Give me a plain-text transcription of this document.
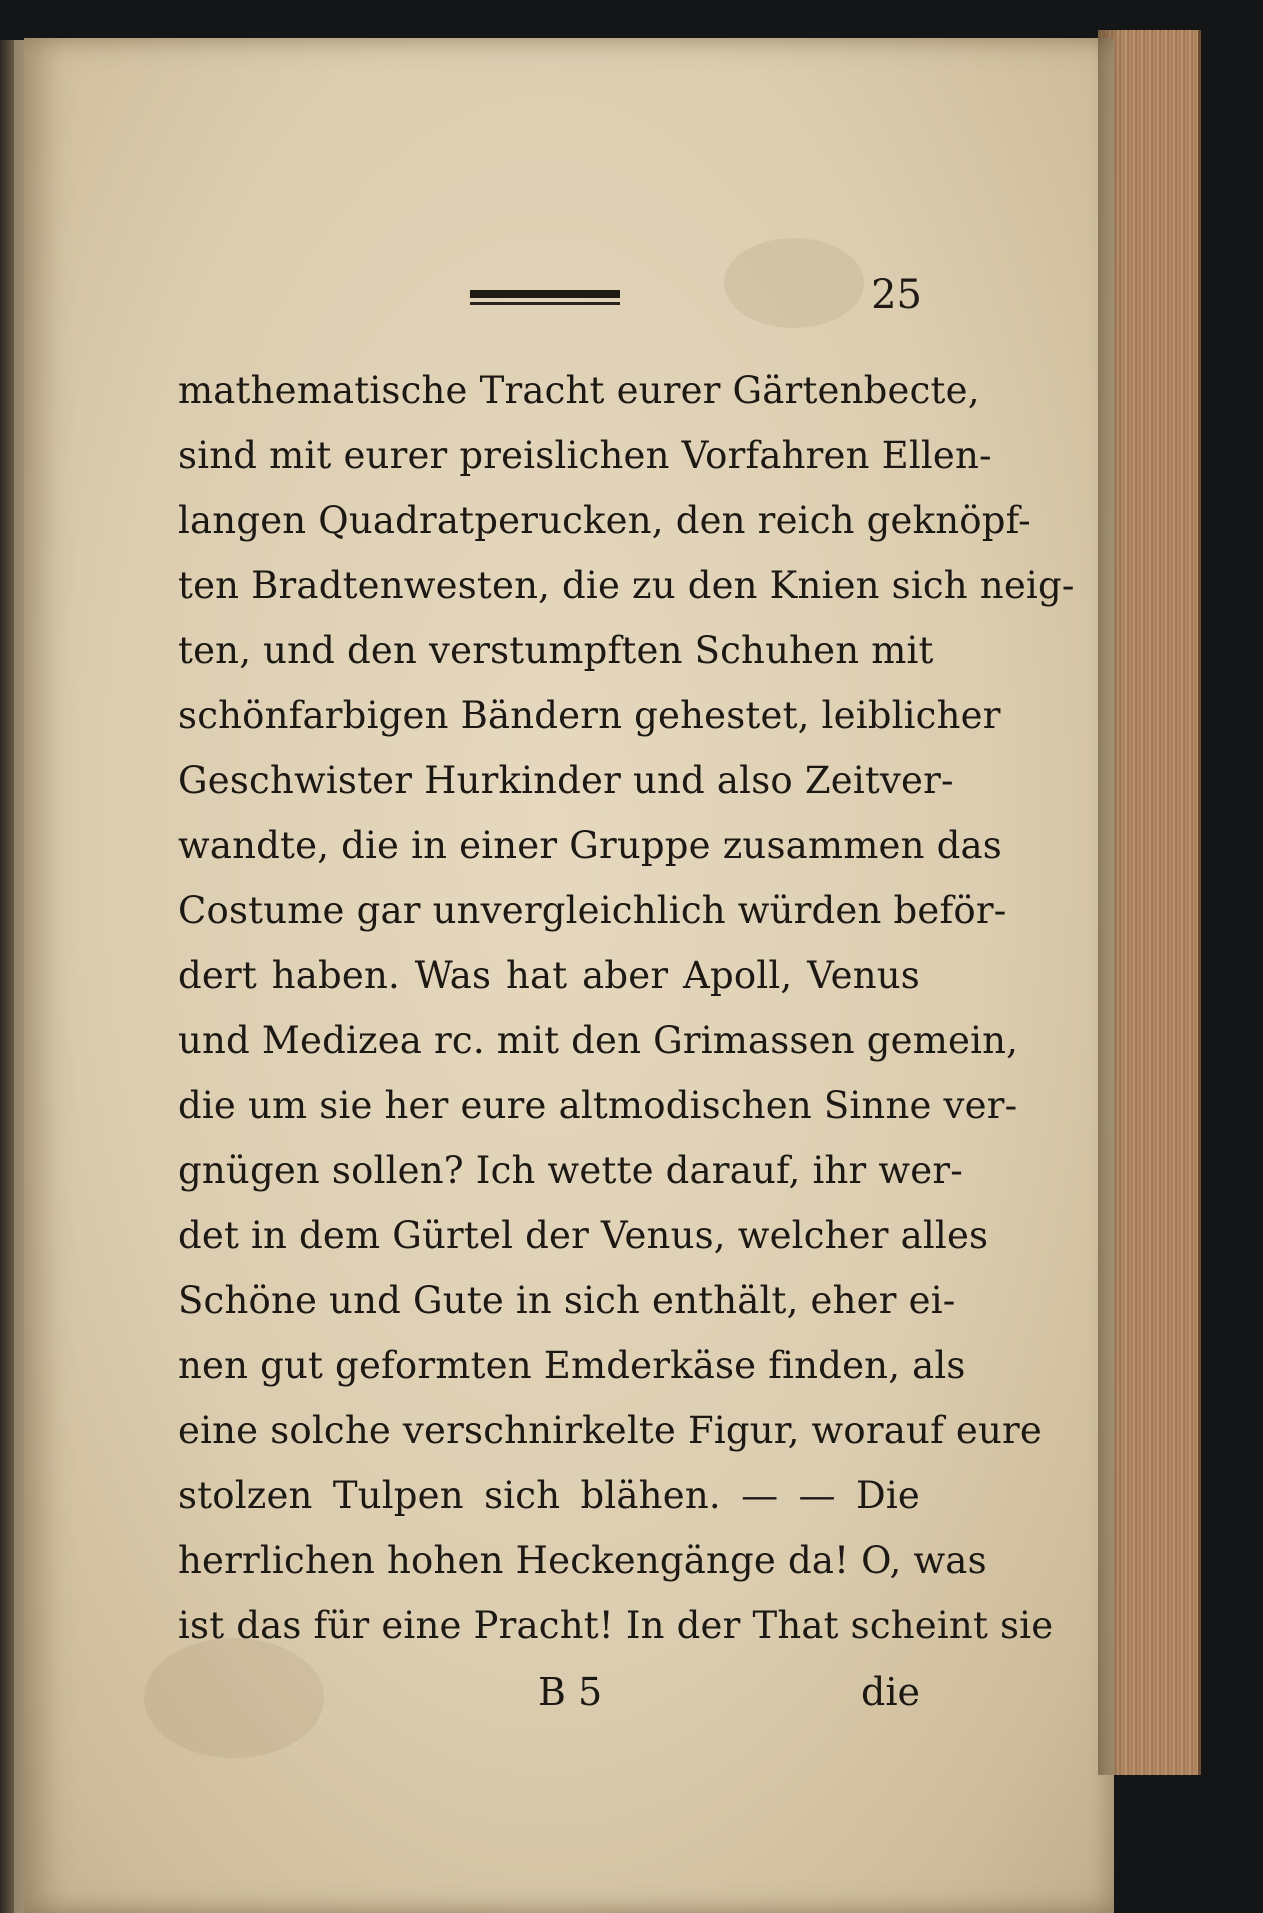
25
mathematische Tracht eurer Gärtenbecte,
sind mit eurer preislichen Vorfahren Ellen-
langen Quadratperucken, den reich geknöpf-
ten Bradtenwesten, die zu den Knien sich neig-
ten, und den verstumpften Schuhen mit
schönfarbigen Bändern gehestet, leiblicher
Geschwister Hurkinder und also Zeitver-
wandte, die in einer Gruppe zusammen das
Costume gar unvergleichlich würden beför-
dert haben. Was hat aber Apoll, Venus
und Medizea rc. mit den Grimassen gemein,
die um sie her eure altmodischen Sinne ver-
gnügen sollen? Ich wette darauf, ihr wer-
det in dem Gürtel der Venus, welcher alles
Schöne und Gute in sich enthält, eher ei-
nen gut geformten Emderkäse finden, als
eine solche verschnirkelte Figur, worauf eure
stolzen Tulpen sich blähen. — — Die
herrlichen hohen Heckengänge da! O, was
ist das für eine Pracht! In der That scheint sie
B 5	die
